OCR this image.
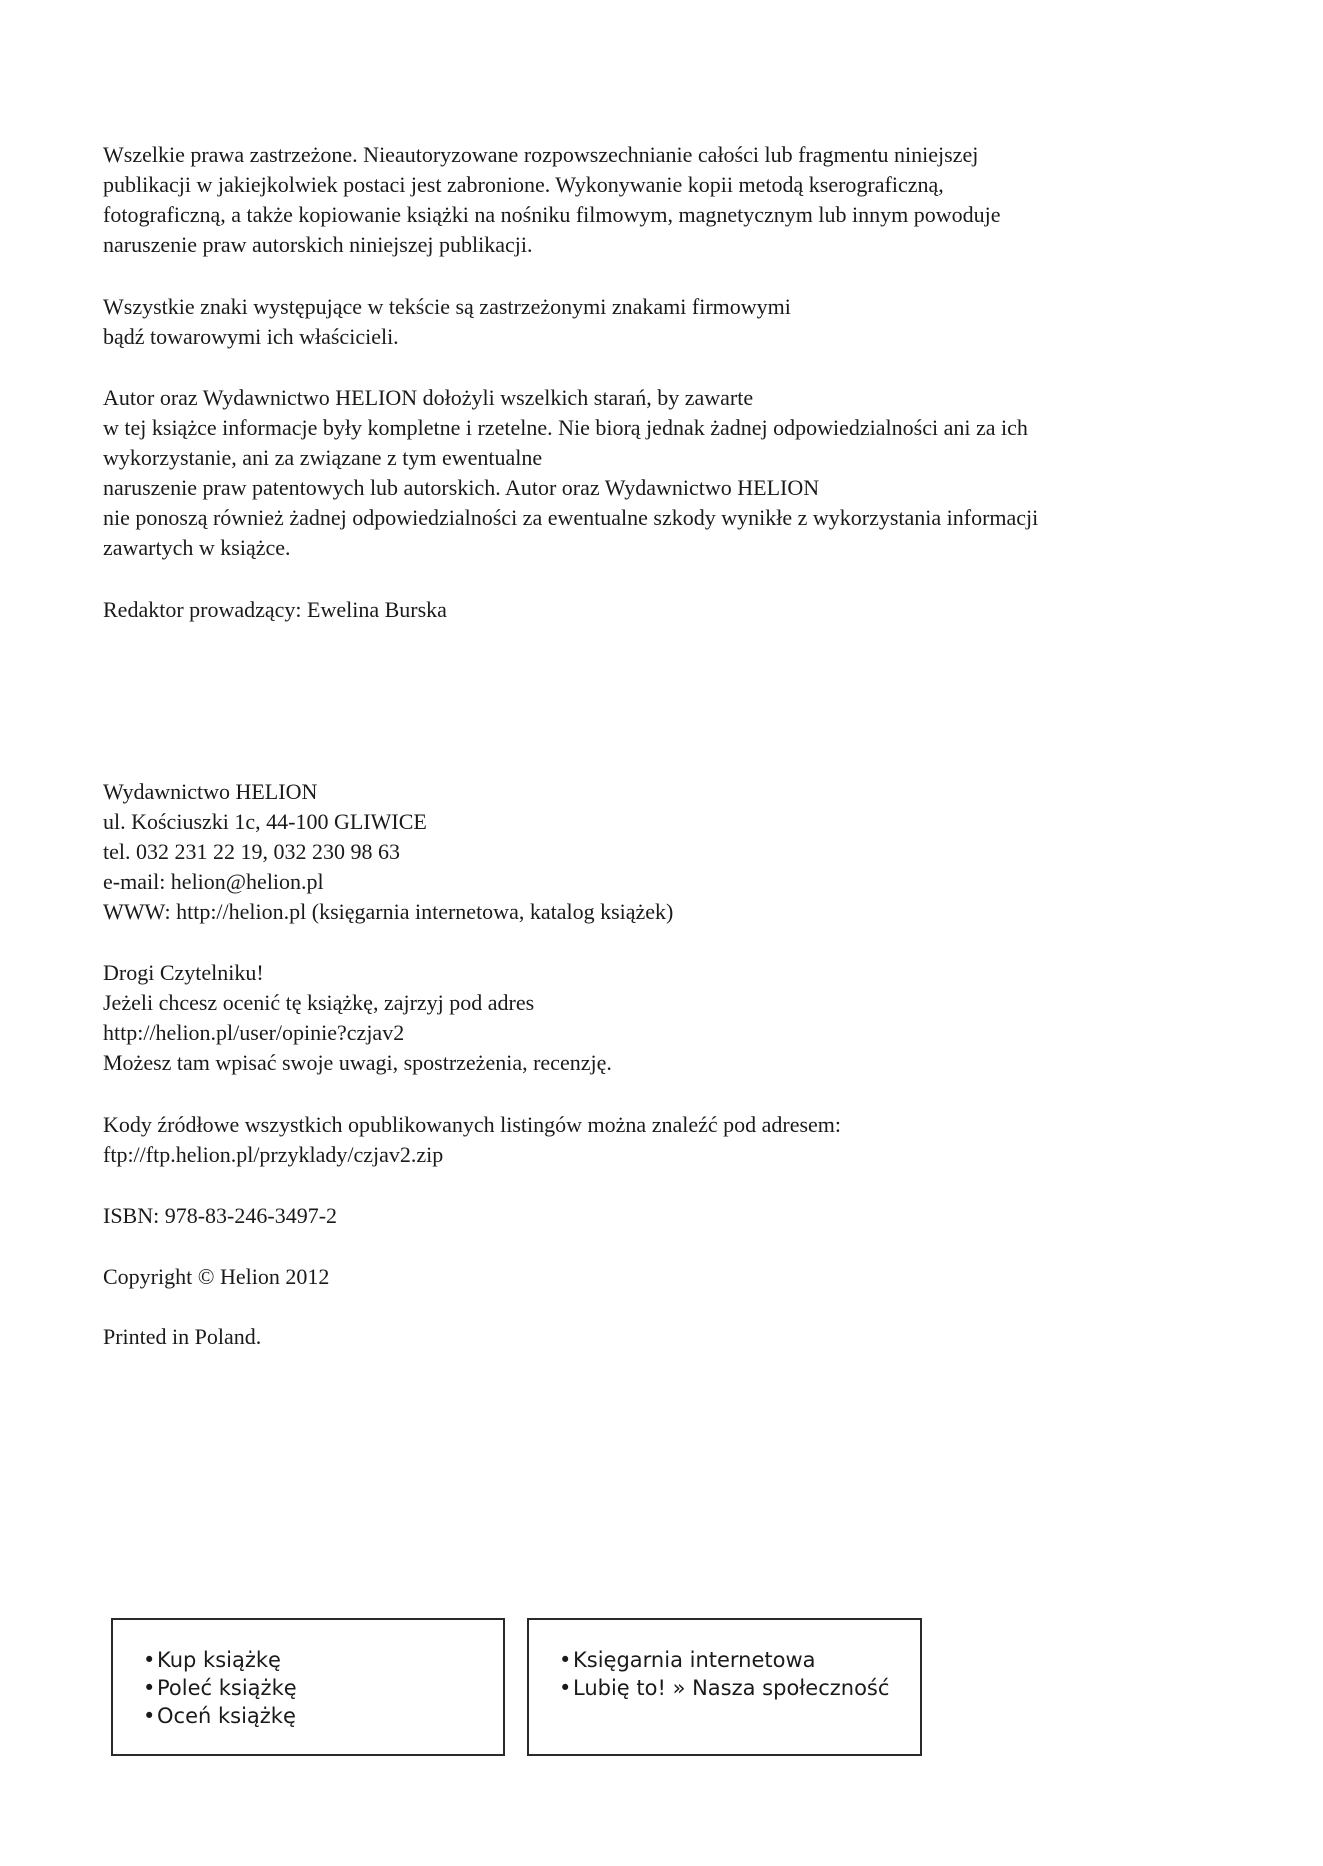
Wszelkie prawa zastrzeżone. Nieautoryzowane rozpowszechnianie całości lub fragmentu niniejszej
publikacji w jakiejkolwiek postaci jest zabronione. Wykonywanie kopii metodą kserograficzną,
fotograficzną, a także kopiowanie książki na nośniku filmowym, magnetycznym lub innym powoduje
naruszenie praw autorskich niniejszej publikacji.
Wszystkie znaki występujące w tekście są zastrzeżonymi znakami firmowymi
bądź towarowymi ich właścicieli.
Autor oraz Wydawnictwo HELION dołożyli wszelkich starań, by zawarte
w tej książce informacje były kompletne i rzetelne. Nie biorą jednak żadnej odpowiedzialności ani za ich
wykorzystanie, ani za związane z tym ewentualne
naruszenie praw patentowych lub autorskich. Autor oraz Wydawnictwo HELION
nie ponoszą również żadnej odpowiedzialności za ewentualne szkody wynikłe z wykorzystania informacji
zawartych w książce.
Redaktor prowadzący: Ewelina Burska
Wydawnictwo HELION
ul. Kościuszki 1c, 44-100 GLIWICE
tel. 032 231 22 19, 032 230 98 63
e-mail: helion@helion.pl
WWW: http://helion.pl (księgarnia internetowa, katalog książek)
Drogi Czytelniku!
Jeżeli chcesz ocenić tę książkę, zajrzyj pod adres
http://helion.pl/user/opinie?czjav2
Możesz tam wpisać swoje uwagi, spostrzeżenia, recenzję.
Kody źródłowe wszystkich opublikowanych listingów można znaleźć pod adresem:
ftp://ftp.helion.pl/przyklady/czjav2.zip
ISBN: 978-83-246-3497-2
Copyright © Helion 2012
Printed in Poland.
•Kup książkę
•Poleć książkę
•Oceń książkę
•Księgarnia internetowa
•Lubię to! » Nasza społeczność
